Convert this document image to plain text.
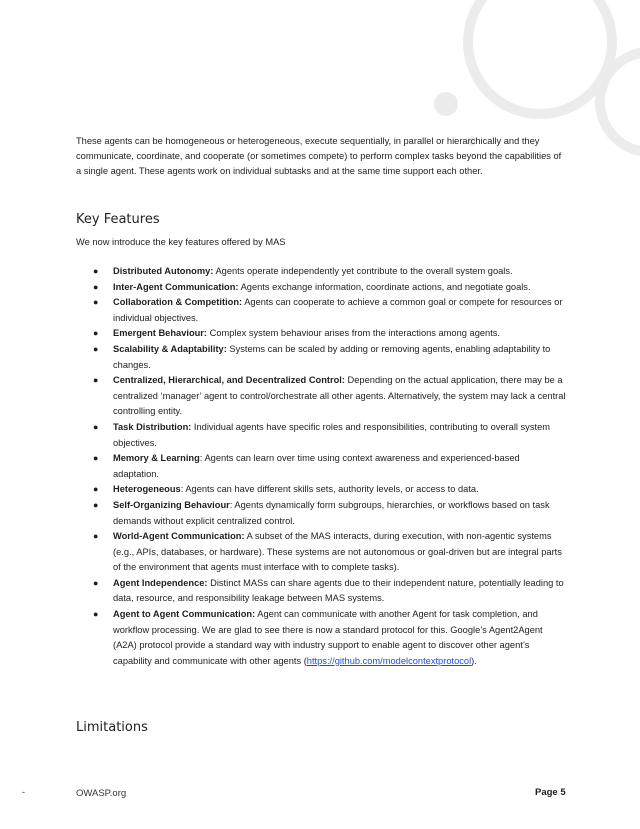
These agents can be homogeneous or heterogeneous, execute sequentially, in parallel or hierarchically and they communicate, coordinate, and cooperate (or sometimes compete) to perform complex tasks beyond the capabilities of a single agent. These agents work on individual subtasks and at the same time support each other.

Key Features

We now introduce the key features offered by MAS

● Distributed Autonomy: Agents operate independently yet contribute to the overall system goals.
● Inter-Agent Communication: Agents exchange information, coordinate actions, and negotiate goals.
● Collaboration & Competition: Agents can cooperate to achieve a common goal or compete for resources or individual objectives.
● Emergent Behaviour: Complex system behaviour arises from the interactions among agents.
● Scalability & Adaptability: Systems can be scaled by adding or removing agents, enabling adaptability to changes.
● Centralized, Hierarchical, and Decentralized Control: Depending on the actual application, there may be a centralized ‘manager’ agent to control/orchestrate all other agents. Alternatively, the system may lack a central controlling entity.
● Task Distribution: Individual agents have specific roles and responsibilities, contributing to overall system objectives.
● Memory & Learning: Agents can learn over time using context awareness and experienced-based adaptation.
● Heterogeneous: Agents can have different skills sets, authority levels, or access to data.
● Self-Organizing Behaviour: Agents dynamically form subgroups, hierarchies, or workflows based on task demands without explicit centralized control.
● World-Agent Communication: A subset of the MAS interacts, during execution, with non-agentic systems (e.g., APIs, databases, or hardware). These systems are not autonomous or goal-driven but are integral parts of the environment that agents must interface with to complete tasks).
● Agent Independence: Distinct MASs can share agents due to their independent nature, potentially leading to data, resource, and responsibility leakage between MAS systems.
● Agent to Agent Communication: Agent can communicate with another Agent for task completion, and workflow processing. We are glad to see there is now a standard protocol for this. Google’s Agent2Agent (A2A) protocol provide a standard way with industry support to enable agent to discover other agent’s capability and communicate with other agents (https://github.com/modelcontextprotocol).
Limitations
-	OWASP.org	Page 5
